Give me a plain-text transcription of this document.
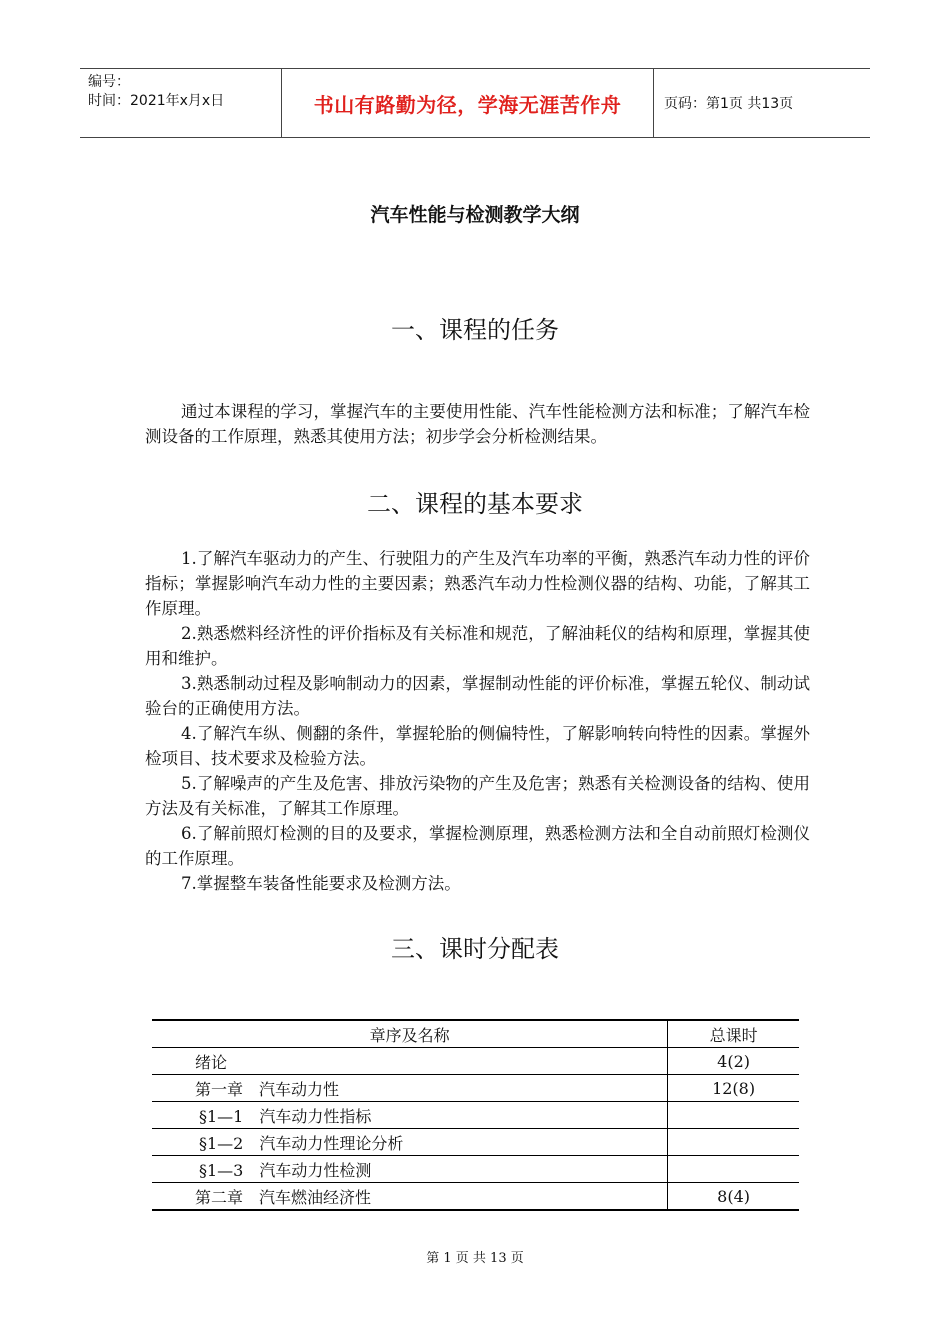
编号：
时间：2021年x月x日	书山有路勤为径，学海无涯苦作舟	页码：第1页 共13页
汽车性能与检测教学大纲
一、课程的任务
通过本课程的学习，掌握汽车的主要使用性能、汽车性能检测方法和标准；了解汽车检测设备的工作原理，熟悉其使用方法；初步学会分析检测结果。
二、课程的基本要求

1.了解汽车驱动力的产生、行驶阻力的产生及汽车功率的平衡，熟悉汽车动力性的评价指标；掌握影响汽车动力性的主要因素；熟悉汽车动力性检测仪器的结构、功能，了解其工作原理。

2.熟悉燃料经济性的评价指标及有关标准和规范，了解油耗仪的结构和原理，掌握其使用和维护。

3.熟悉制动过程及影响制动力的因素，掌握制动性能的评价标准，掌握五轮仪、制动试验台的正确使用方法。

4.了解汽车纵、侧翻的条件，掌握轮胎的侧偏特性，了解影响转向特性的因素。掌握外检项目、技术要求及检验方法。

5.了解噪声的产生及危害、排放污染物的产生及危害；熟悉有关检测设备的结构、使用方法及有关标准，了解其工作原理。

6.了解前照灯检测的目的及要求，掌握检测原理，熟悉检测方法和全自动前照灯检测仪的工作原理。

7.掌握整车装备性能要求及检测方法。

三、课时分配表
章序及名称	总课时
绪论	4(2)
第一章　汽车动力性	12(8)
§1—1　汽车动力性指标	
§1—2　汽车动力性理论分析	
§1—3　汽车动力性检测	
第二章　汽车燃油经济性	8(4)
第 1 页 共 13 页
